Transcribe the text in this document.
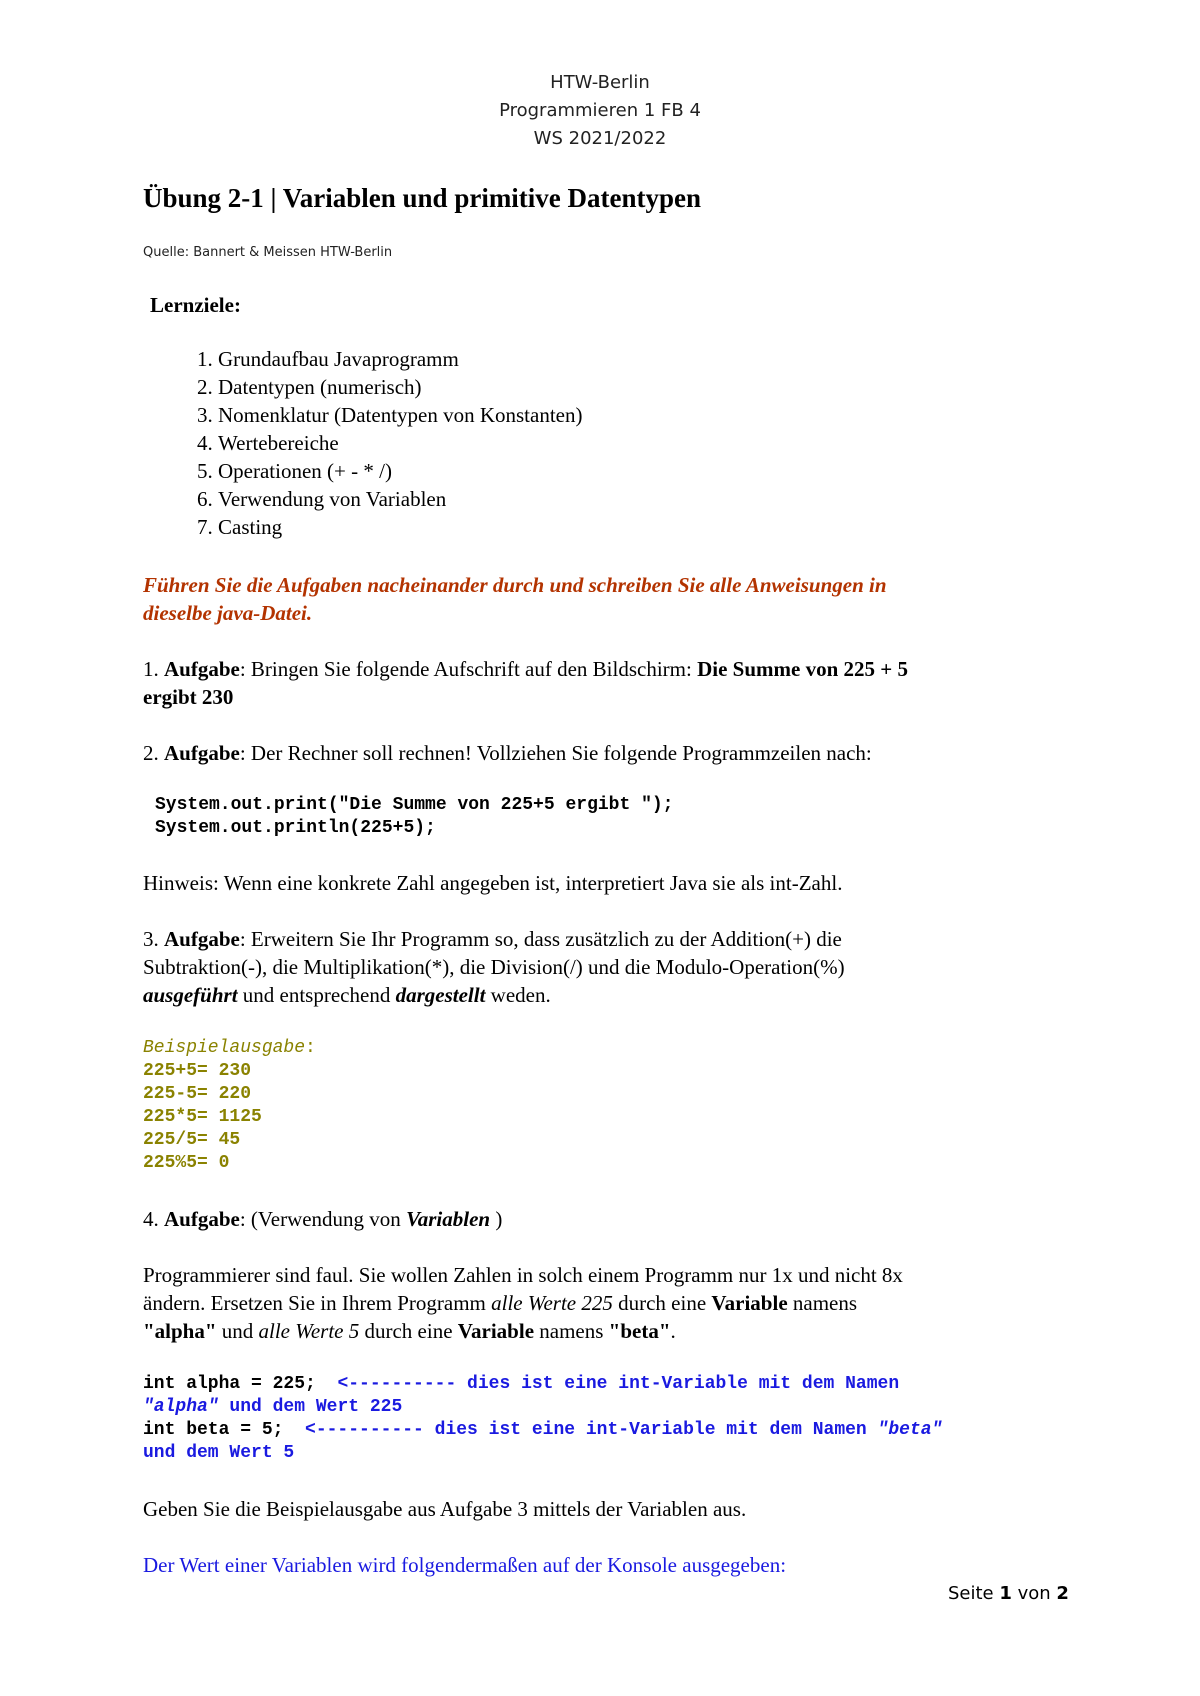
HTW-Berlin
Programmieren 1 FB 4
WS 2021/2022
Übung 2-1 | Variablen und primitive Datentypen
Quelle: Bannert & Meissen HTW-Berlin
Lernziele:
1. Grundaufbau Javaprogramm
2. Datentypen (numerisch)
3. Nomenklatur (Datentypen von Konstanten)
4. Wertebereiche
5. Operationen (+ - * /)
6. Verwendung von Variablen
7. Casting
Führen Sie die Aufgaben nacheinander durch und schreiben Sie alle Anweisungen in
dieselbe java-Datei.
1. Aufgabe: Bringen Sie folgende Aufschrift auf den Bildschirm: Die Summe von 225 + 5
ergibt 230
2. Aufgabe: Der Rechner soll rechnen! Vollziehen Sie folgende Programmzeilen nach:
System.out.print("Die Summe von 225+5 ergibt ");
System.out.println(225+5);
Hinweis: Wenn eine konkrete Zahl angegeben ist, interpretiert Java sie als int-Zahl.
3. Aufgabe: Erweitern Sie Ihr Programm so, dass zusätzlich zu der Addition(+) die
Subtraktion(-), die Multiplikation(*), die Division(/) und die Modulo-Operation(%)
ausgeführt und entsprechend dargestellt weden.
Beispielausgabe:
225+5= 230
225-5= 220
225*5= 1125
225/5= 45
225%5= 0
4. Aufgabe: (Verwendung von Variablen )
Programmierer sind faul. Sie wollen Zahlen in solch einem Programm nur 1x und nicht 8x
ändern. Ersetzen Sie in Ihrem Programm alle Werte 225 durch eine Variable namens
"alpha" und alle Werte 5 durch eine Variable namens "beta".
int alpha = 225;  <---------- dies ist eine int-Variable mit dem Namen
"alpha" und dem Wert 225
int beta = 5;  <---------- dies ist eine int-Variable mit dem Namen "beta"
und dem Wert 5
Geben Sie die Beispielausgabe aus Aufgabe 3 mittels der Variablen aus.
Der Wert einer Variablen wird folgendermaßen auf der Konsole ausgegeben:
Seite 1 von 2
